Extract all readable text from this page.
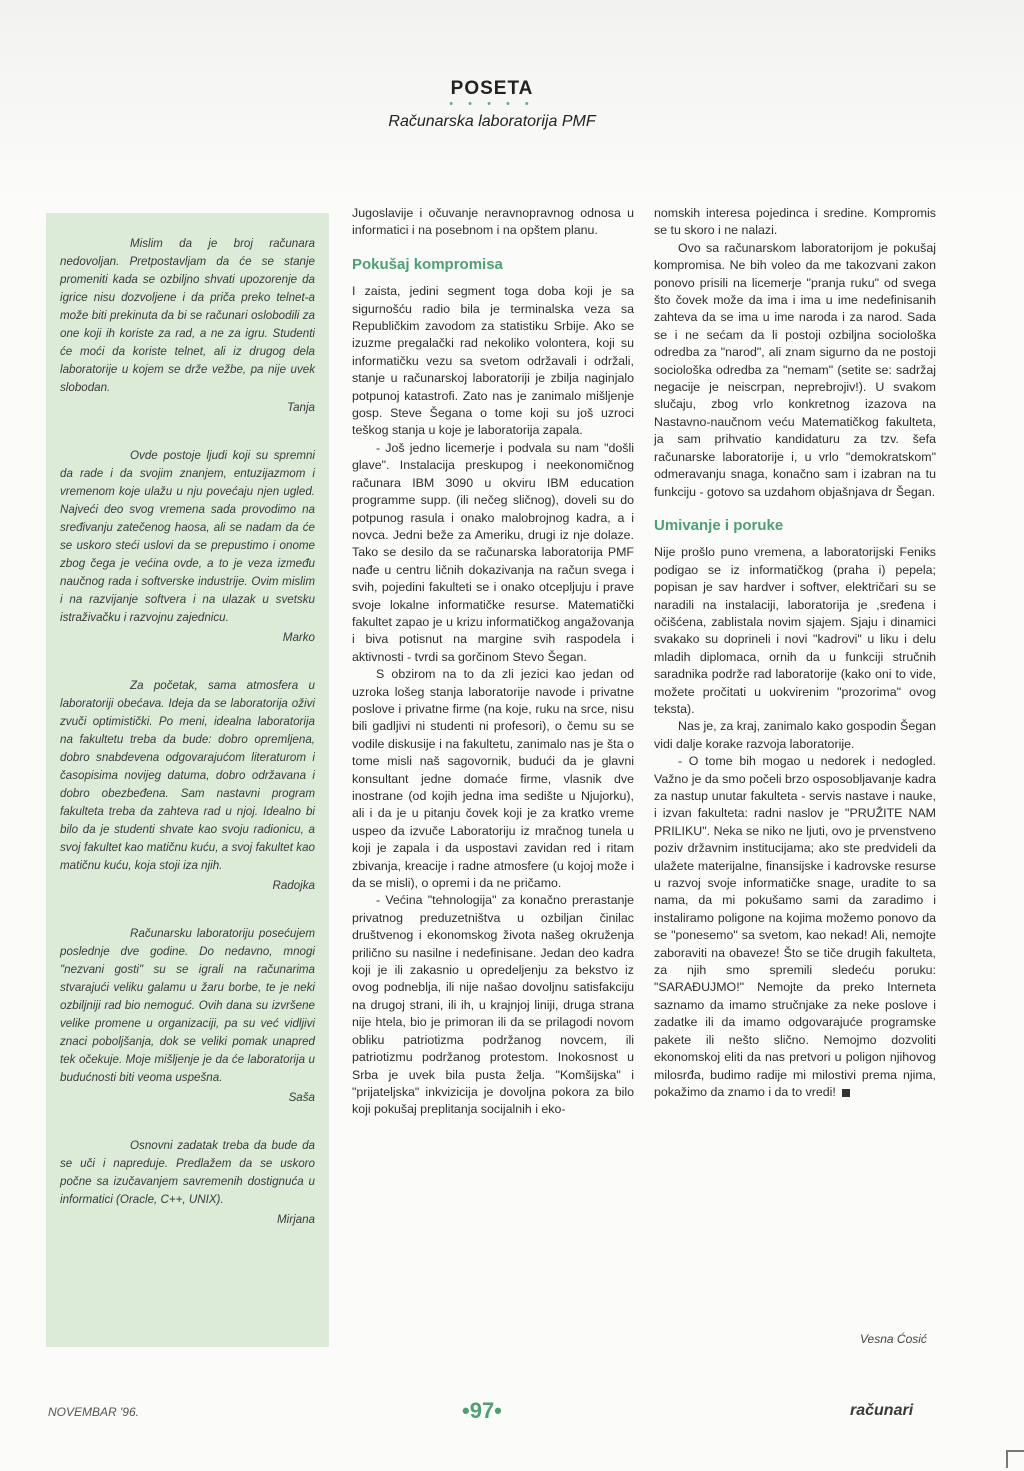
POSETA
• • • • •
Računarska laboratorija PMF

Mislim da je broj računara nedovoljan. Pretpostavljam da će se stanje promeniti kada se ozbiljno shvati upozorenje da igrice nisu dozvoljene i da priča preko telnet-a može biti prekinuta da bi se računari oslobodili za one koji ih koriste za rad, a ne za igru. Studenti će moći da koriste telnet, ali iz drugog dela laboratorije u kojem se drže vežbe, pa nije uvek slobodan.

Tanja

Ovde postoje ljudi koji su spremni da rade i da svojim znanjem, entuzijazmom i vremenom koje ulažu u nju povećaju njen ugled. Najveći deo svog vremena sada provodimo na sređivanju zatečenog haosa, ali se nadam da će se uskoro steći uslovi da se prepustimo i onome zbog čega je većina ovde, a to je veza između naučnog rada i softverske industrije. Ovim mislim i na razvijanje softvera i na ulazak u svetsku istraživačku i razvojnu zajednicu.

Marko

Za početak, sama atmosfera u laboratoriji obećava. Ideja da se laboratorija oživi zvuči optimistički. Po meni, idealna laboratorija na fakultetu treba da bude: dobro opremljena, dobro snabdevena odgovarajućom literaturom i časopisima novijeg datuma, dobro održavana i dobro obezbeđena. Sam nastavni program fakulteta treba da zahteva rad u njoj. Idealno bi bilo da je studenti shvate kao svoju radionicu, a svoj fakultet kao matičnu kuću, a svoj fakultet kao matičnu kuću, koja stoji iza njih.

Radojka

Računarsku laboratoriju posećujem poslednje dve godine. Do nedavno, mnogi "nezvani gosti" su se igrali na računarima stvarajući veliku galamu u žaru borbe, te je neki ozbiljniji rad bio nemoguć. Ovih dana su izvršene velike promene u organizaciji, pa su već vidljivi znaci poboljšanja, dok se veliki pomak unapred tek očekuje. Moje mišljenje je da će laboratorija u budućnosti biti veoma uspešna.

Saša

Osnovni zadatak treba da bude da se uči i napreduje. Predlažem da se uskoro počne sa izučavanjem savremenih dostignuća u informatici (Oracle, C++, UNIX).

Mirjana

Jugoslavije i očuvanje neravnopravnog odnosa u informatici i na posebnom i na opštem planu.

Pokušaj kompromisa

I zaista, jedini segment toga doba koji je sa sigurnošću radio bila je terminalska veza sa Republičkim zavodom za statistiku Srbije. Ako se izuzme pregalački rad nekoliko volontera, koji su informatičku vezu sa svetom održavali i održali, stanje u računarskoj laboratoriji je zbilja naginjalo potpunoj katastrofi. Zato nas je zanimalo mišljenje gosp. Steve Šegana o tome koji su još uzroci teškog stanja u koje je laboratorija zapala.

- Još jedno licemerje i podvala su nam "došli glave". Instalacija preskupog i neekonomičnog računara IBM 3090 u okviru IBM education programme supp. (ili nečeg sličnog), doveli su do potpunog rasula i onako malobrojnog kadra, a i novca. Jedni beže za Ameriku, drugi iz nje dolaze. Tako se desilo da se računarska laboratorija PMF nađe u centru ličnih dokazivanja na račun svega i svih, pojedini fakulteti se i onako otcepljuju i prave svoje lokalne informatičke resurse. Matematički fakultet zapao je u krizu informatičkog angažovanja i biva potisnut na margine svih raspodela i aktivnosti - tvrdi sa gorčinom Stevo Šegan.

S obzirom na to da zli jezici kao jedan od uzroka lošeg stanja laboratorije navode i privatne poslove i privatne firme (na koje, ruku na srce, nisu bili gadljivi ni studenti ni profesori), o čemu su se vodile diskusije i na fakultetu, zanimalo nas je šta o tome misli naš sagovornik, budući da je glavni konsultant jedne domaće firme, vlasnik dve inostrane (od kojih jedna ima sedište u Njujorku), ali i da je u pitanju čovek koji je za kratko vreme uspeo da izvuče Laboratoriju iz mračnog tunela u koji je zapala i da uspostavi zavidan red i ritam zbivanja, kreacije i radne atmosfere (u kojoj može i da se misli), o opremi i da ne pričamo.

- Većina "tehnologija" za konačno prerastanje privatnog preduzetništva u ozbiljan činilac društvenog i ekonomskog života našeg okruženja prilično su nasilne i nedefinisane. Jedan deo kadra koji je ili zakasnio u opredeljenju za bekstvo iz ovog podneblja, ili nije našao dovoljnu satisfakciju na drugoj strani, ili ih, u krajnjoj liniji, druga strana nije htela, bio je primoran ili da se prilagodi novom obliku patriotizma podržanog novcem, ili patriotizmu podržanog protestom. Inokosnost u Srba je uvek bila pusta želja. "Komšijska" i "prijateljska" inkvizicija je dovoljna pokora za bilo koji pokušaj preplitanja socijalnih i eko-

nomskih interesa pojedinca i sredine. Kompromis se tu skoro i ne nalazi.

Ovo sa računarskom laboratorijom je pokušaj kompromisa. Ne bih voleo da me takozvani zakon ponovo prisili na licemerje "pranja ruku" od svega što čovek može da ima i ima u ime nedefinisanih zahteva da se ima u ime naroda i za narod. Sada se i ne sećam da li postoji ozbiljna sociološka odredba za "narod", ali znam sigurno da ne postoji sociološka odredba za "nemam" (setite se: sadržaj negacije je neiscrpan, neprebrojiv!). U svakom slučaju, zbog vrlo konkretnog izazova na Nastavno-naučnom veću Matematičkog fakulteta, ja sam prihvatio kandidaturu za tzv. šefa računarske laboratorije i, u vrlo "demokratskom" odmeravanju snaga, konačno sam i izabran na tu funkciju - gotovo sa uzdahom objašnjava dr Šegan.

Umivanje i poruke

Nije prošlo puno vremena, a laboratorijski Feniks podigao se iz informatičkog (praha i) pepela; popisan je sav hardver i softver, električari su se naradili na instalaciji, laboratorija je ,sređena i očišćena, zablistala novim sjajem. Sjaju i dinamici svakako su doprineli i novi "kadrovi" u liku i delu mladih diplomaca, ornih da u funkciji stručnih saradnika podrže rad laboratorije (kako oni to vide, možete pročitati u uokvirenim "prozorima" ovog teksta).

Nas je, za kraj, zanimalo kako gospodin Šegan vidi dalje korake razvoja laboratorije.

- O tome bih mogao u nedorek i nedogled. Važno je da smo počeli brzo osposobljavanje kadra za nastup unutar fakulteta - servis nastave i nauke, i izvan fakulteta: radni naslov je "PRUŽITE NAM PRILIKU". Neka se niko ne ljuti, ovo je prvenstveno poziv državnim institucijama; ako ste predvideli da ulažete materijalne, finansijske i kadrovske resurse u razvoj svoje informatičke snage, uradite to sa nama, da mi pokušamo sami da zaradimo i instaliramo poligone na kojima možemo ponovo da se "ponesemo" sa svetom, kao nekad! Ali, nemojte zaboraviti na obaveze! Što se tiče drugih fakulteta, za njih smo spremili sledeću poruku: "SARAĐUJMO!" Nemojte da preko Interneta saznamo da imamo stručnjake za neke poslove i zadatke ili da imamo odgovarajuće programske pakete ili nešto slično. Nemojmo dozvoliti ekonomskoj eliti da nas pretvori u poligon njihovog milosrđa, budimo radije mi milostivi prema njima, pokažimo da znamo i da to vredi!

Vesna Ćosić
NOVEMBAR '96.	•97•	računari
